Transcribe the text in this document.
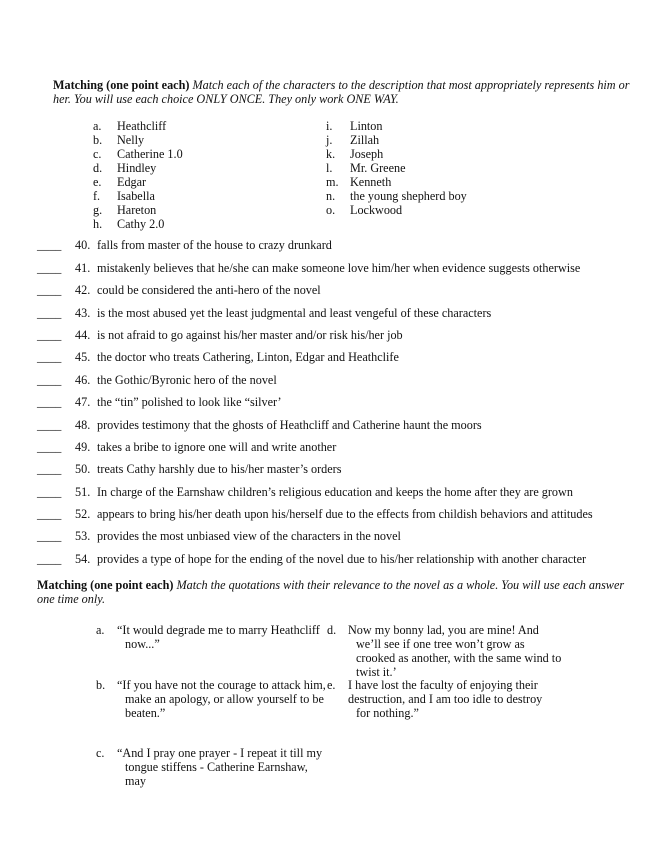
Matching (one point each) Match each of the characters to the description that most appropriately represents him or her. You will use each choice ONLY ONCE. They only work ONE WAY.
a. Heathcliff
b. Nelly
c. Catherine 1.0
d. Hindley
e. Edgar
f. Isabella
g. Hareton
h. Cathy 2.0
i. Linton
j. Zillah
k. Joseph
l. Mr. Greene
m. Kenneth
n. the young shepherd boy
o. Lockwood
____ 40. falls from master of the house to crazy drunkard
____ 41. mistakenly believes that he/she can make someone love him/her when evidence suggests otherwise
____ 42. could be considered the anti-hero of the novel
____ 43. is the most abused yet the least judgmental and least vengeful of these characters
____ 44. is not afraid to go against his/her master and/or risk his/her job
____ 45. the doctor who treats Cathering, Linton, Edgar and Heathclife
____ 46. the Gothic/Byronic hero of the novel
____ 47. the “tin” polished to look like “silver’
____ 48. provides testimony that the ghosts of Heathcliff and Catherine haunt the moors
____ 49. takes a bribe to ignore one will and write another
____ 50. treats Cathy harshly due to his/her master’s orders
____ 51. In charge of the Earnshaw children’s religious education and keeps the home after they are grown
____ 52. appears to bring his/her death upon his/herself due to the effects from childish behaviors and attitudes
____ 53. provides the most unbiased view of the characters in the novel
____ 54. provides a type of hope for the ending of the novel due to his/her relationship with another character
Matching (one point each) Match the quotations with their relevance to the novel as a whole. You will use each answer one time only.
a. “It would degrade me to marry Heathcliff
now...”
b. “If you have not the courage to attack him,
make an apology, or allow yourself to be
beaten.”
c. “And I pray one prayer - I repeat it till my
tongue stiffens - Catherine Earnshaw, may
d. Now my bonny lad, you are mine! And
we’ll see if one tree won’t grow as
crooked as another, with the same wind to
twist it.’
e. I have lost the faculty of enjoying their
destruction, and I am too idle to destroy
for nothing.”
